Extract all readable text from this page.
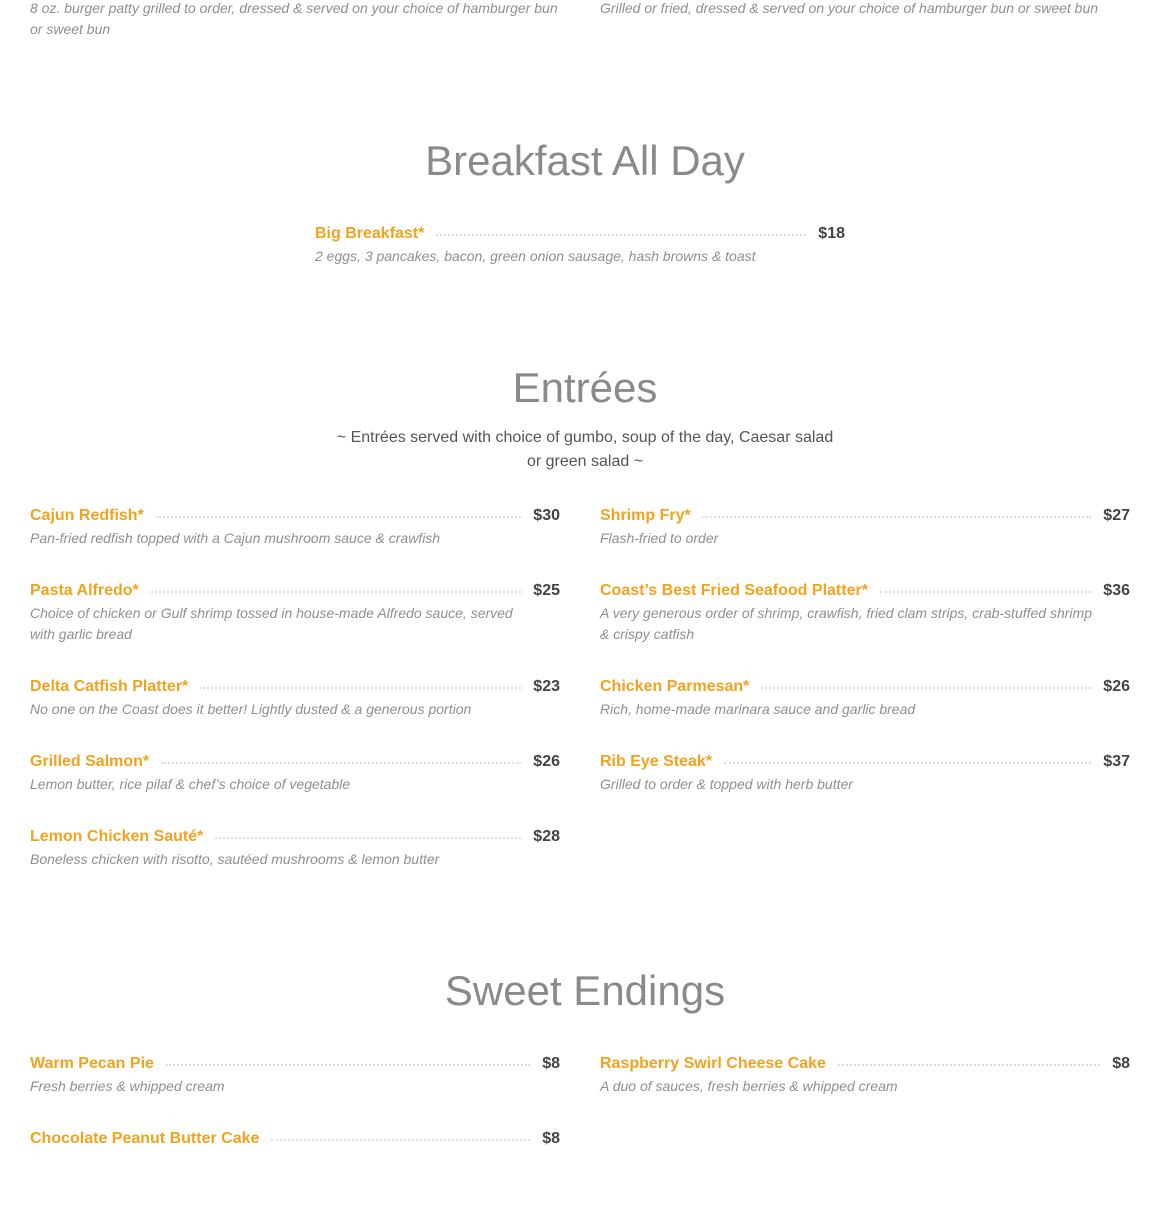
8 oz. burger patty grilled to order, dressed & served on your choice of hamburger bun or sweet bun
Grilled or fried, dressed & served on your choice of hamburger bun or sweet bun
Breakfast All Day
Big Breakfast*	$18
2 eggs, 3 pancakes, bacon, green onion sausage, hash browns & toast
Entrées
~ Entrées served with choice of gumbo, soup of the day, Caesar salad
or green salad ~
Cajun Redfish*	$30
Pan-fried redfish topped with a Cajun mushroom sauce & crawfish
Shrimp Fry*	$27
Flash-fried to order
Pasta Alfredo*	$25
Choice of chicken or Gulf shrimp tossed in house-made Alfredo sauce, served with garlic bread
Coast’s Best Fried Seafood Platter*	$36
A very generous order of shrimp, crawfish, fried clam strips, crab-stuffed shrimp & crispy catfish
Delta Catfish Platter*	$23
No one on the Coast does it better! Lightly dusted & a generous portion
Chicken Parmesan*	$26
Rich, home-made marinara sauce and garlic bread
Grilled Salmon*	$26
Lemon butter, rice pilaf & chef’s choice of vegetable
Rib Eye Steak*	$37
Grilled to order & topped with herb butter
Lemon Chicken Sauté*	$28
Boneless chicken with risotto, sautéed mushrooms & lemon butter
Sweet Endings
Warm Pecan Pie	$8
Fresh berries & whipped cream
Raspberry Swirl Cheese Cake	$8
A duo of sauces, fresh berries & whipped cream
Chocolate Peanut Butter Cake	$8
